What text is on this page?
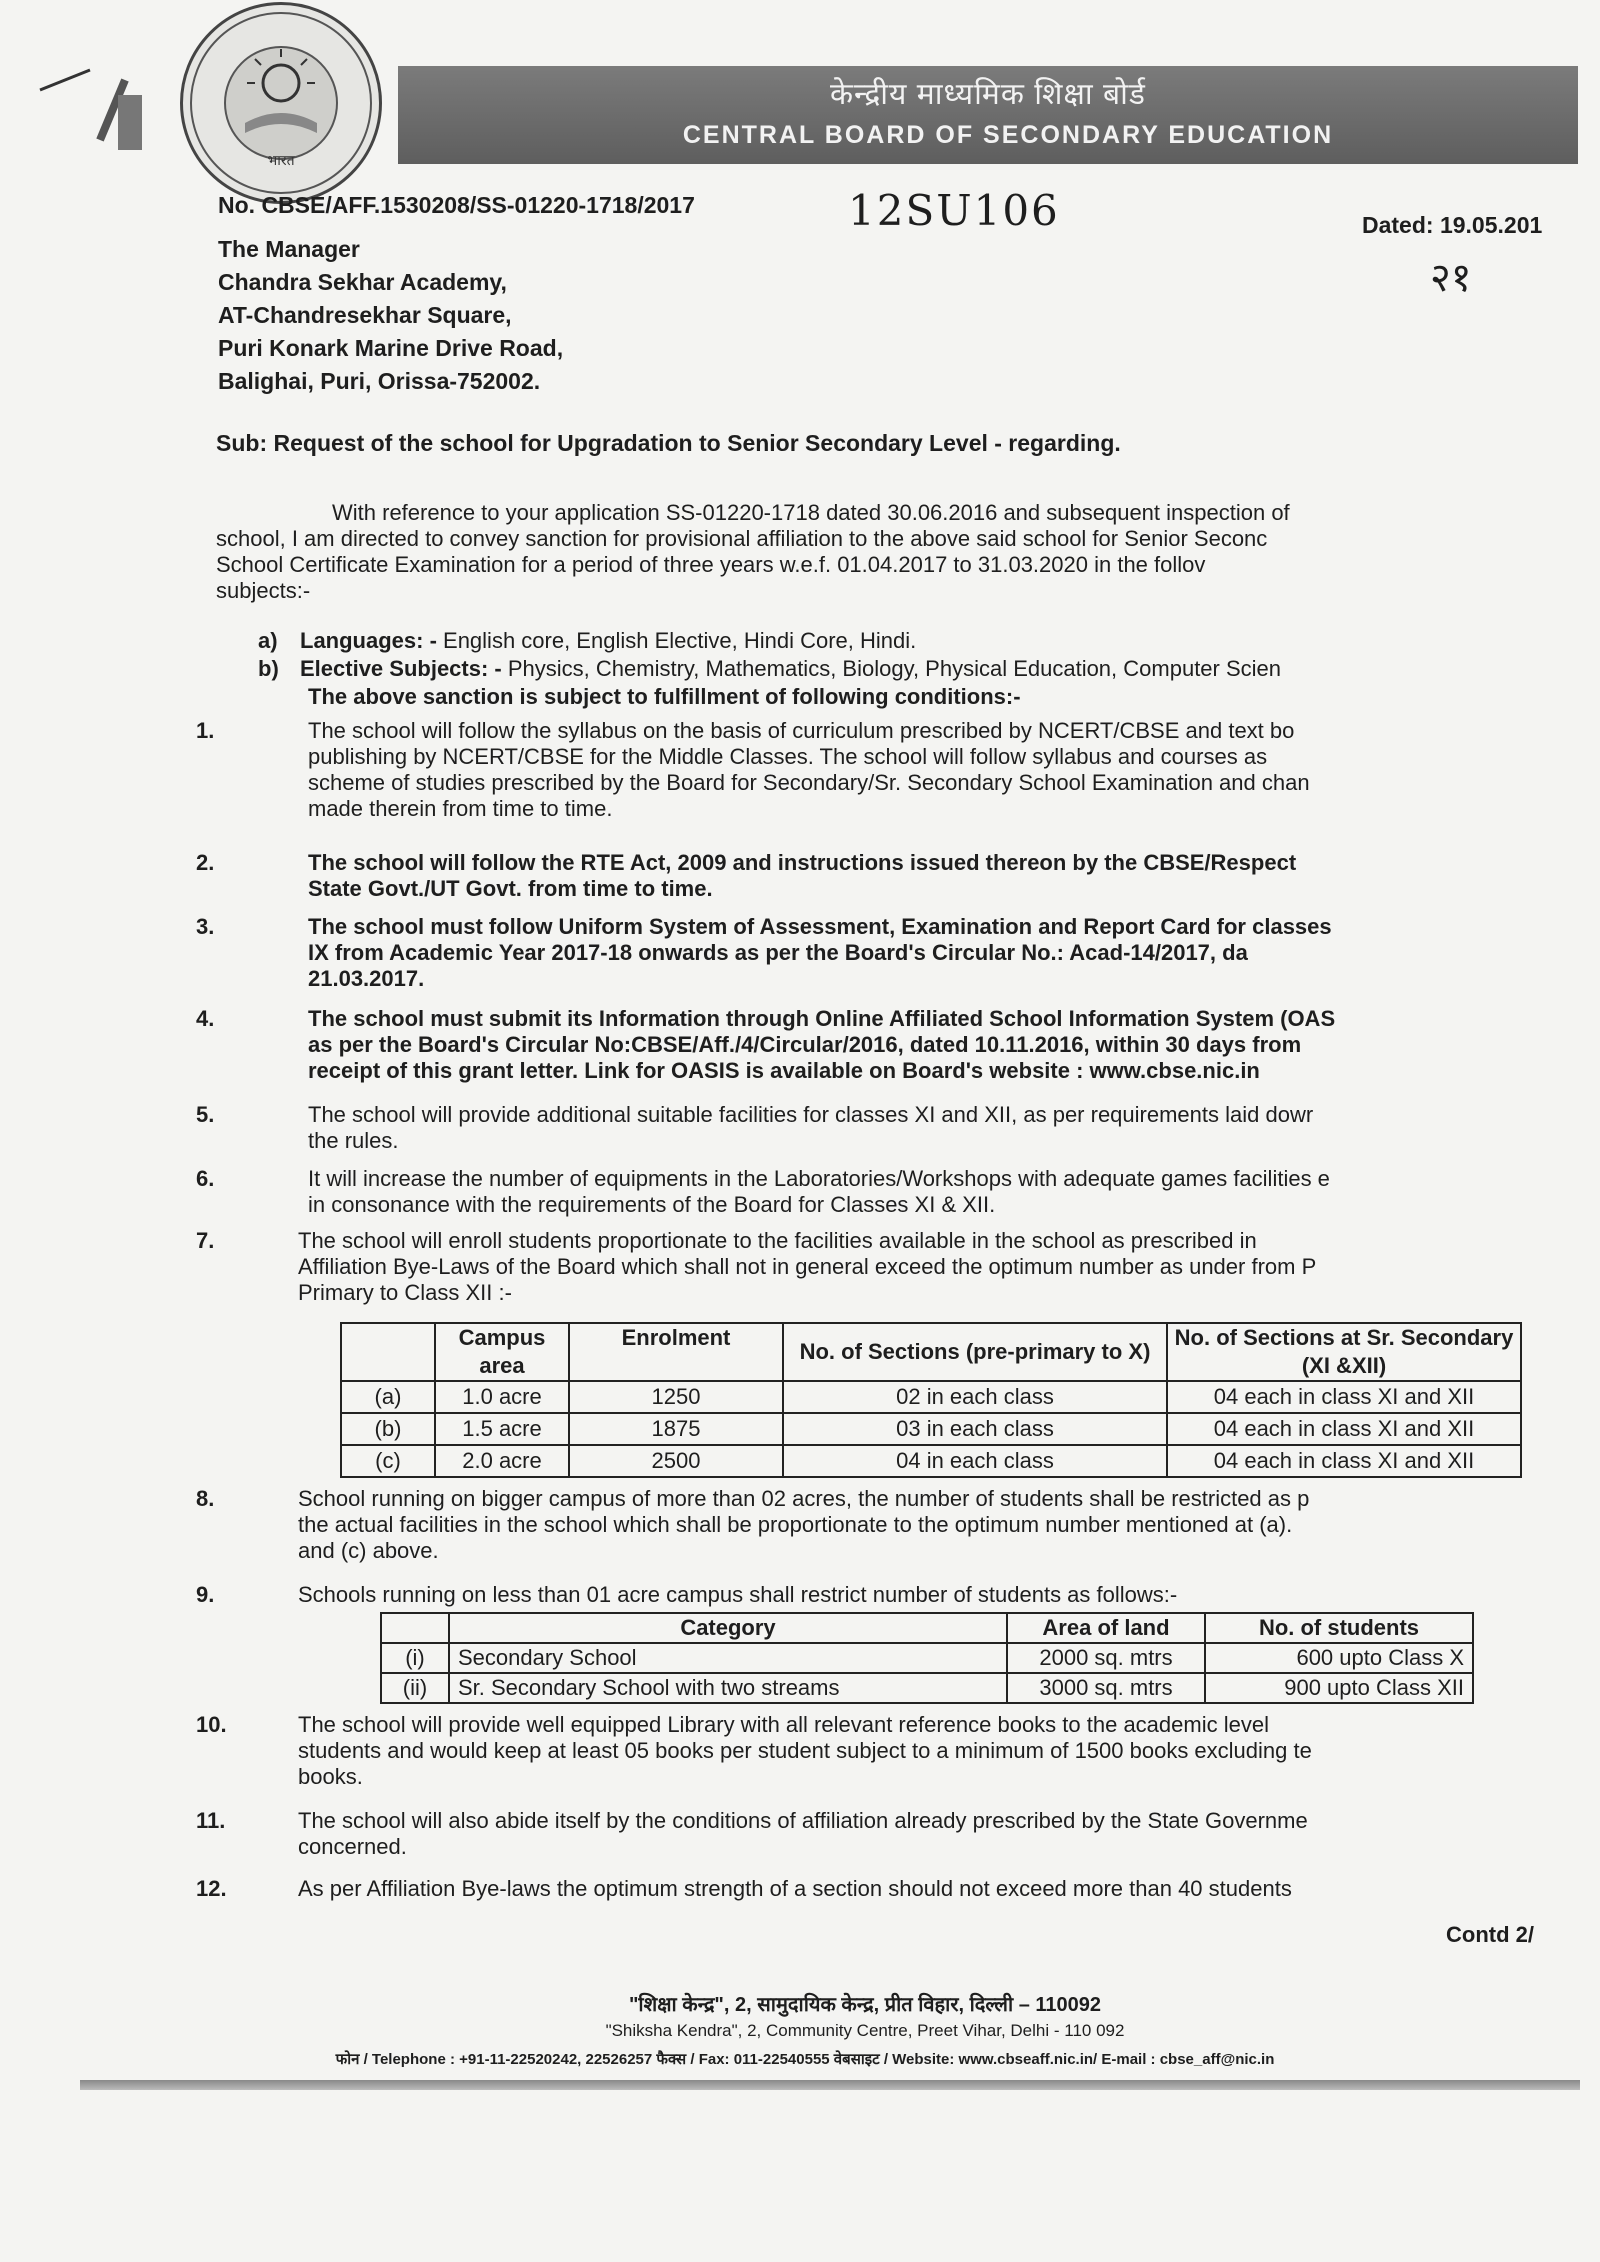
भारत
केन्द्रीय माध्यमिक शिक्षा बोर्ड
CENTRAL BOARD OF SECONDARY EDUCATION
No. CBSE/AFF.1530208/SS-01220-1718/2017	12SU106	Dated: 19.05.201
२१
The Manager
Chandra Sekhar Academy,
AT-Chandresekhar Square,
Puri Konark Marine Drive Road,
Balighai, Puri, Orissa-752002.
Sub: Request of the school for Upgradation to Senior Secondary Level - regarding.
With reference to your application SS-01220-1718 dated 30.06.2016 and subsequent inspection of
school, I am directed to convey sanction for provisional affiliation to the above said school for Senior Seconc
School Certificate Examination for a period of three years w.e.f. 01.04.2017 to 31.03.2020 in the follov
subjects:-
a) Languages: - English core, English Elective, Hindi Core, Hindi.
b) Elective Subjects: - Physics, Chemistry, Mathematics, Biology, Physical Education, Computer Scien
The above sanction is subject to fulfillment of following conditions:-
1.	The school will follow the syllabus on the basis of curriculum prescribed by NCERT/CBSE and text bo
publishing by NCERT/CBSE for the Middle Classes. The school will follow syllabus and courses as
scheme of studies prescribed by the Board for Secondary/Sr. Secondary School Examination and chan
made therein from time to time.
2.	The school will follow the RTE Act, 2009 and instructions issued thereon by the CBSE/Respect
State Govt./UT Govt. from time to time.
3.	The school must follow Uniform System of Assessment, Examination and Report Card for classes
IX from Academic Year 2017-18 onwards as per the Board's Circular No.: Acad-14/2017, da
21.03.2017.
4.	The school must submit its Information through Online Affiliated School Information System (OAS
as per the Board's Circular No:CBSE/Aff./4/Circular/2016, dated 10.11.2016, within 30 days from
receipt of this grant letter. Link for OASIS is available on Board's website : www.cbse.nic.in
5.	The school will provide additional suitable facilities for classes XI and XII, as per requirements laid dowr
the rules.
6.	It will increase the number of equipments in the Laboratories/Workshops with adequate games facilities e
in consonance with the requirements of the Board for Classes XI & XII.
7.	The school will enroll students proportionate to the facilities available in the school as prescribed in
Affiliation Bye-Laws of the Board which shall not in general exceed the optimum number as under from P
Primary to Class XII :-
	Campus area	Enrolment	No. of Sections (pre-primary to X)	No. of Sections at Sr. Secondary (XI &XII)
(a)	1.0 acre	1250	02 in each class	04 each in class XI and XII
(b)	1.5 acre	1875	03 in each class	04 each in class XI and XII
(c)	2.0 acre	2500	04 in each class	04 each in class XI and XII
8.	School running on bigger campus of more than 02 acres, the number of students shall be restricted as p
the actual facilities in the school which shall be proportionate to the optimum number mentioned at (a).
and (c) above.
9.	Schools running on less than 01 acre campus shall restrict number of students as follows:-
	Category	Area of land	No. of students
(i)	Secondary School	2000 sq. mtrs	600 upto Class X
(ii)	Sr. Secondary School with two streams	3000 sq. mtrs	900 upto Class XII
10.	The school will provide well equipped Library with all relevant reference books to the academic level
students and would keep at least 05 books per student subject to a minimum of 1500 books excluding te
books.
11.	The school will also abide itself by the conditions of affiliation already prescribed by the State Governme
concerned.
12.	As per Affiliation Bye-laws the optimum strength of a section should not exceed more than 40 students
Contd 2/
"शिक्षा केन्द्र", 2, सामुदायिक केन्द्र, प्रीत विहार, दिल्ली – 110092
"Shiksha Kendra", 2, Community Centre, Preet Vihar, Delhi - 110 092
फोन / Telephone : +91-11-22520242, 22526257 फैक्स / Fax: 011-22540555 वेबसाइट / Website: www.cbseaff.nic.in/ E-mail : cbse_aff@nic.in
